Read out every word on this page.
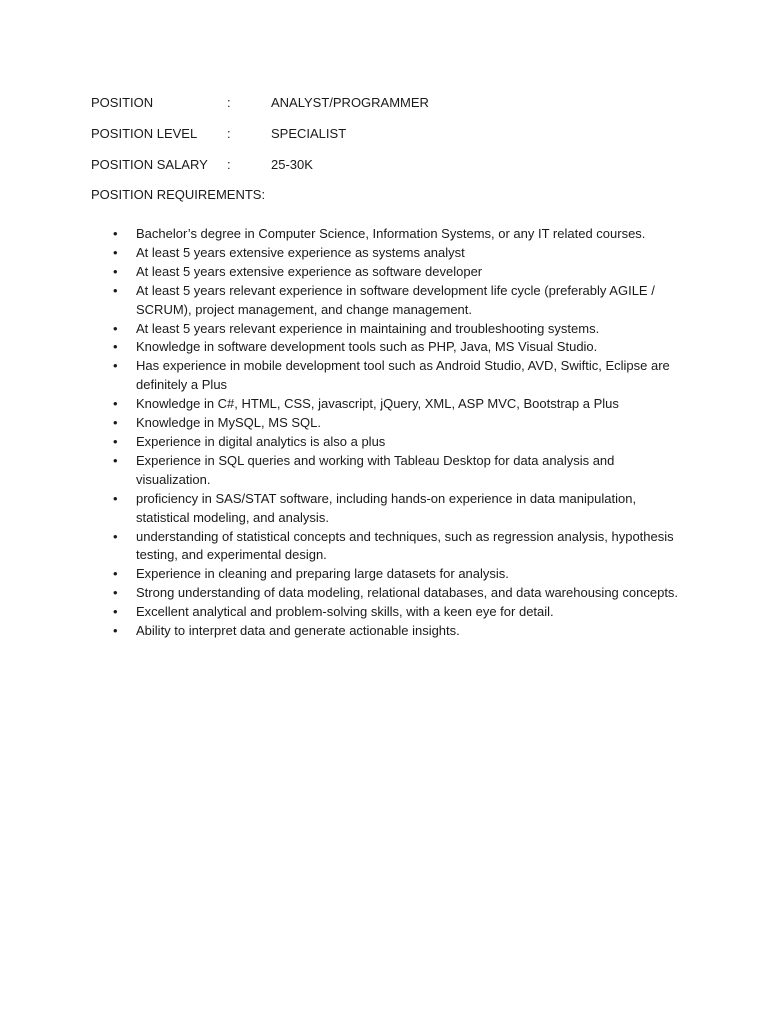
POSITION	:	ANALYST/PROGRAMMER
POSITION LEVEL	:	SPECIALIST
POSITION SALARY	:	25-30K
POSITION REQUIREMENTS:
•	Bachelor’s degree in Computer Science, Information Systems, or any IT related courses.
•	At least 5 years extensive experience as systems analyst
•	At least 5 years extensive experience as software developer
•	At least 5 years relevant experience in software development life cycle (preferably AGILE / SCRUM), project management, and change management.
•	At least 5 years relevant experience in maintaining and troubleshooting systems.
•	Knowledge in software development tools such as PHP, Java, MS Visual Studio.
•	Has experience in mobile development tool such as Android Studio, AVD, Swiftic, Eclipse are definitely a Plus
•	Knowledge in C#, HTML, CSS, javascript, jQuery, XML, ASP MVC, Bootstrap a Plus
•	Knowledge in MySQL, MS SQL.
•	Experience in digital analytics is also a plus
•	Experience in SQL queries and working with Tableau Desktop for data analysis and visualization.
•	proficiency in SAS/STAT software, including hands-on experience in data manipulation, statistical modeling, and analysis.
•	understanding of statistical concepts and techniques, such as regression analysis, hypothesis testing, and experimental design.
•	Experience in cleaning and preparing large datasets for analysis.
•	Strong understanding of data modeling, relational databases, and data warehousing concepts.
•	Excellent analytical and problem-solving skills, with a keen eye for detail.
•	Ability to interpret data and generate actionable insights.
